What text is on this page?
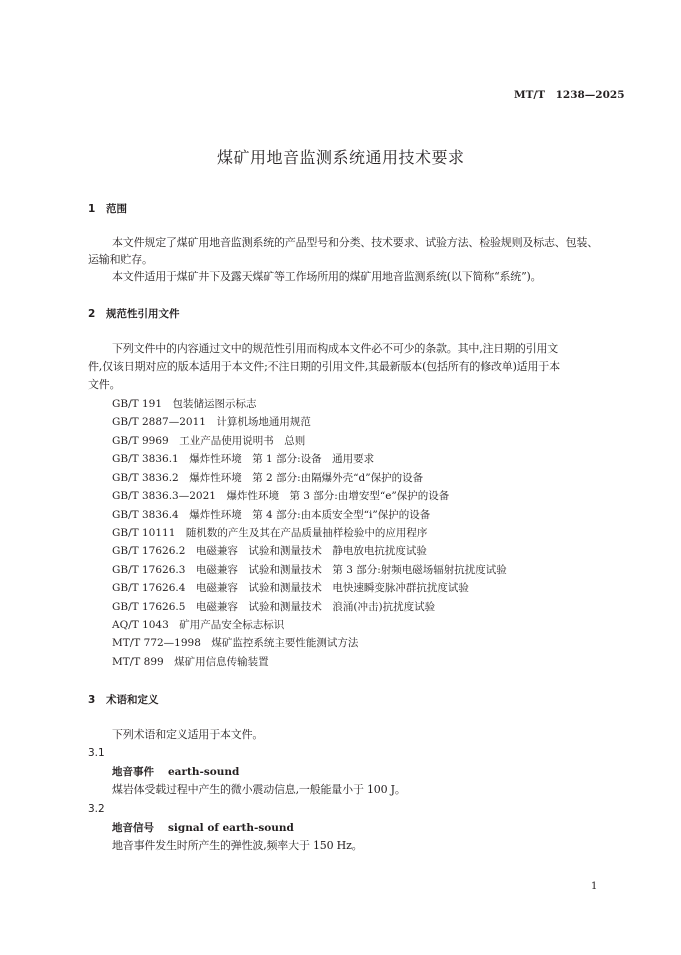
MT/T　1238—2025
煤矿用地音监测系统通用技术要求
1 范围
本文件规定了煤矿用地音监测系统的产品型号和分类、技术要求、试验方法、检验规则及标志、包装、
运输和贮存。
本文件适用于煤矿井下及露天煤矿等工作场所用的煤矿用地音监测系统(以下简称“系统”)。
2 规范性引用文件
下列文件中的内容通过文中的规范性引用而构成本文件必不可少的条款。其中,注日期的引用文
件,仅该日期对应的版本适用于本文件;不注日期的引用文件,其最新版本(包括所有的修改单)适用于本
文件。
GB/T 191　包装储运图示标志
GB/T 2887—2011　计算机场地通用规范
GB/T 9969　工业产品使用说明书　总则
GB/T 3836.1　爆炸性环境　第 1 部分:设备　通用要求
GB/T 3836.2　爆炸性环境　第 2 部分:由隔爆外壳“d”保护的设备
GB/T 3836.3—2021　爆炸性环境　第 3 部分:由增安型“e”保护的设备
GB/T 3836.4　爆炸性环境　第 4 部分:由本质安全型“i”保护的设备
GB/T 10111　随机数的产生及其在产品质量抽样检验中的应用程序
GB/T 17626.2　电磁兼容　试验和测量技术　静电放电抗扰度试验
GB/T 17626.3　电磁兼容　试验和测量技术　第 3 部分:射频电磁场辐射抗扰度试验
GB/T 17626.4　电磁兼容　试验和测量技术　电快速瞬变脉冲群抗扰度试验
GB/T 17626.5　电磁兼容　试验和测量技术　浪涌(冲击)抗扰度试验
AQ/T 1043　矿用产品安全标志标识
MT/T 772—1998　煤矿监控系统主要性能测试方法
MT/T 899　煤矿用信息传输装置
3 术语和定义
下列术语和定义适用于本文件。
3.1
地音事件 earth-sound
煤岩体受载过程中产生的微小震动信息,一般能量小于 100 J。
3.2
地音信号 signal of earth-sound
地音事件发生时所产生的弹性波,频率大于 150 Hz。
1
